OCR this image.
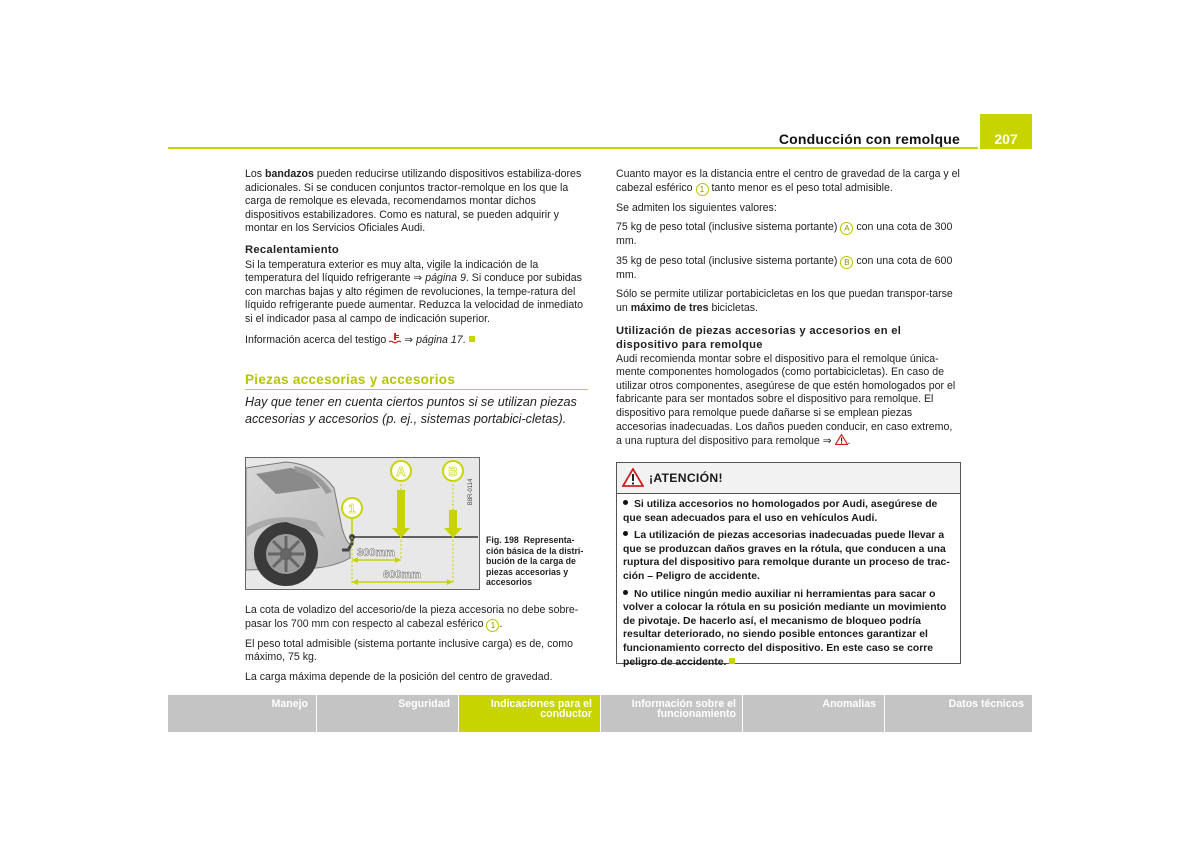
Conducción con remolque	207

Los bandazos pueden reducirse utilizando dispositivos estabiliza-dores adicionales. Si se conducen conjuntos tractor-remolque en los que la carga de remolque es elevada, recomendamos montar dichos dispositivos estabilizadores. Como es natural, se pueden adquirir y montar en los Servicios Oficiales Audi.

Recalentamiento

Si la temperatura exterior es muy alta, vigile la indicación de la temperatura del líquido refrigerante ⇒ página 9. Si conduce por subidas con marchas bajas y alto régimen de revoluciones, la tempe-ratura del líquido refrigerante puede aumentar. Reduzca la velocidad de inmediato si el indicador pasa al campo de indicación superior.

Información acerca del testigo ⇒ página 17.

Piezas accesorias y accesorios
Hay que tener en cuenta ciertos puntos si se utilizan piezas accesorias y accesorios (p. ej., sistemas portabici-cletas).
A	B
1
300mm
600mm
B8R-0114
Fig. 198 Representa-ción básica de la distri-bución de la carga de piezas accesorias y accesorios

La cota de voladizo del accesorio/de la pieza accesoria no debe sobre-pasar los 700 mm con respecto al cabezal esférico 1 .

El peso total admisible (sistema portante inclusive carga) es de, como máximo, 75 kg.

La carga máxima depende de la posición del centro de gravedad.

Cuanto mayor es la distancia entre el centro de gravedad de la carga y el cabezal esférico 1 tanto menor es el peso total admisible.

Se admiten los siguientes valores:

75 kg de peso total (inclusive sistema portante) A con una cota de 300 mm.

35 kg de peso total (inclusive sistema portante) B con una cota de 600 mm.

Sólo se permite utilizar portabicicletas en los que puedan transpor-tarse un máximo de tres bicicletas.

Utilización de piezas accesorias y accesorios en el dispositivo para remolque

Audi recomienda montar sobre el dispositivo para el remolque única-mente componentes homologados (como portabicicletas). En caso de utilizar otros componentes, asegúrese de que estén homologados por el fabricante para ser montados sobre el dispositivo para remolque. El dispositivo para remolque puede dañarse si se emplean piezas accesorias inadecuadas. Los daños pueden conducir, en caso extremo, a una ruptura del dispositivo para remolque ⇒ .

¡ATENCIÓN!
Si utiliza accesorios no homologados por Audi, asegúrese de que sean adecuados para el uso en vehículos Audi.
La utilización de piezas accesorias inadecuadas puede llevar a que se produzcan daños graves en la rótula, que conducen a una ruptura del dispositivo para remolque durante un proceso de trac-ción – Peligro de accidente.
No utilice ningún medio auxiliar ni herramientas para sacar o volver a colocar la rótula en su posición mediante un movimiento de pivotaje. De hacerlo así, el mecanismo de bloqueo podría resultar deteriorado, no siendo posible entonces garantizar el funcionamiento correcto del dispositivo. En este caso se corre peligro de accidente.
Manejo	Seguridad	Indicaciones para el conductor
Información sobre el funcionamiento
Anomalías	Datos técnicos
